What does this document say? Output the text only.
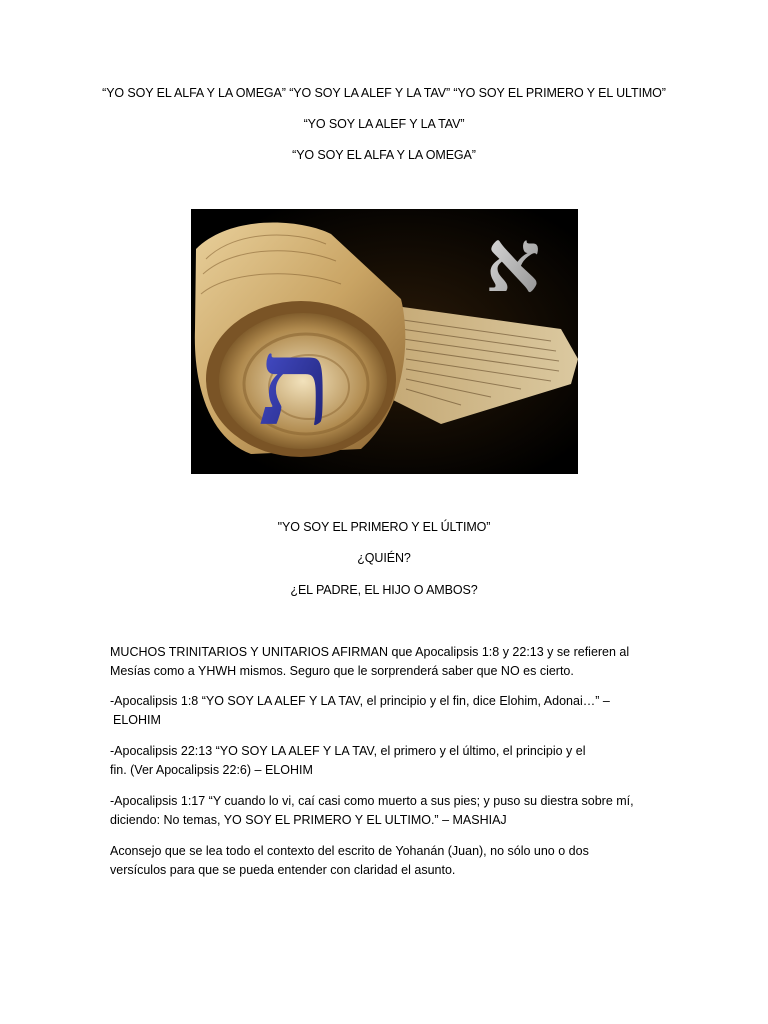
“YO SOY EL ALFA Y LA OMEGA” “YO SOY LA ALEF Y LA TAV” “YO SOY EL PRIMERO Y EL ULTIMO”
“YO SOY LA ALEF Y LA TAV”
“YO SOY EL ALFA Y LA OMEGA”
ת
א
"YO SOY EL PRIMERO Y EL ÚLTIMO”
¿QUIÉN?
¿EL PADRE, EL HIJO O AMBOS?

MUCHOS TRINITARIOS Y UNITARIOS AFIRMAN que Apocalipsis 1:8 y 22:13 y se refieren al

Mesías como a YHWH mismos. Seguro que le sorprenderá saber que NO es cierto.

-Apocalipsis 1:8 “YO SOY LA ALEF Y LA TAV, el principio y el fin, dice Elohim, Adonai…” –

ELOHIM

-Apocalipsis 22:13 “YO SOY LA ALEF Y LA TAV, el primero y el último, el principio y el

fin. (Ver Apocalipsis 22:6) – ELOHIM

-Apocalipsis 1:17 “Y cuando lo vi, caí casi como muerto a sus pies; y puso su diestra sobre mí,

diciendo: No temas, YO SOY EL PRIMERO Y EL ULTIMO.” – MASHIAJ

Aconsejo que se lea todo el contexto del escrito de Yohanán (Juan), no sólo uno o dos

versículos para que se pueda entender con claridad el asunto.
